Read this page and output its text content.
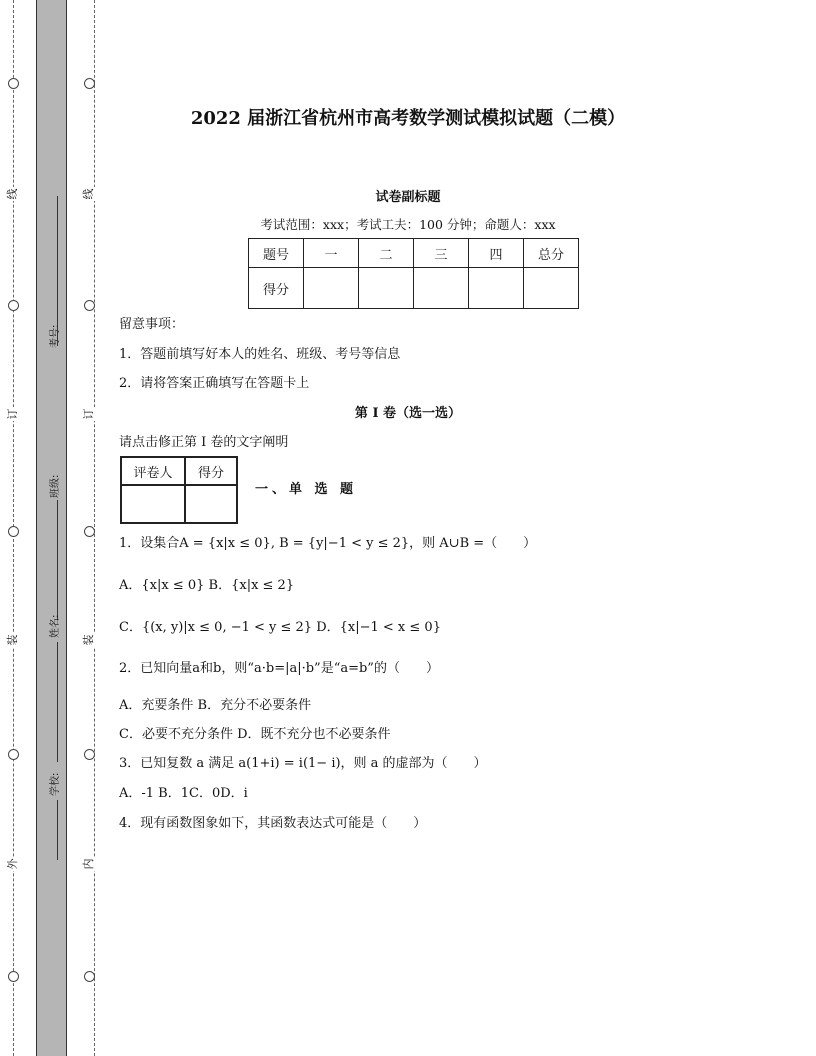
线
订
装
外
线
订
装
内
考号:
班级:
姓名:
学校:
2022 届浙江省杭州市高考数学测试模拟试题（二模）
试卷副标题
考试范围：xxx；考试工夫：100 分钟；命题人：xxx
题号	一	二	三	四	总分
得分					
留意事项：
1．答题前填写好本人的姓名、班级、考号等信息
2．请将答案正确填写在答题卡上
第 I 卷（选一选）
请点击修正第 I 卷的文字阐明
评卷人	得分

一、单 选 题
1．设集合A = {x|x ≤ 0}, B = {y|−1 < y ≤ 2}，则 A∪B =（　　）
A．{x|x ≤ 0} B．{x|x ≤ 2}
C．{(x, y)|x ≤ 0, −1 < y ≤ 2} D．{x|−1 < x ≤ 0}
2．已知向量a和b，则“a·b=|a|·b”是“a=b”的（　　）
A．充要条件 B．充分不必要条件
C．必要不充分条件 D．既不充分也不必要条件
3．已知复数 a 满足 a(1+i) = i(1− i)，则 a 的虚部为（　　）
A．-1 B．1C．0D．i
4．现有函数图象如下，其函数表达式可能是（　　）
